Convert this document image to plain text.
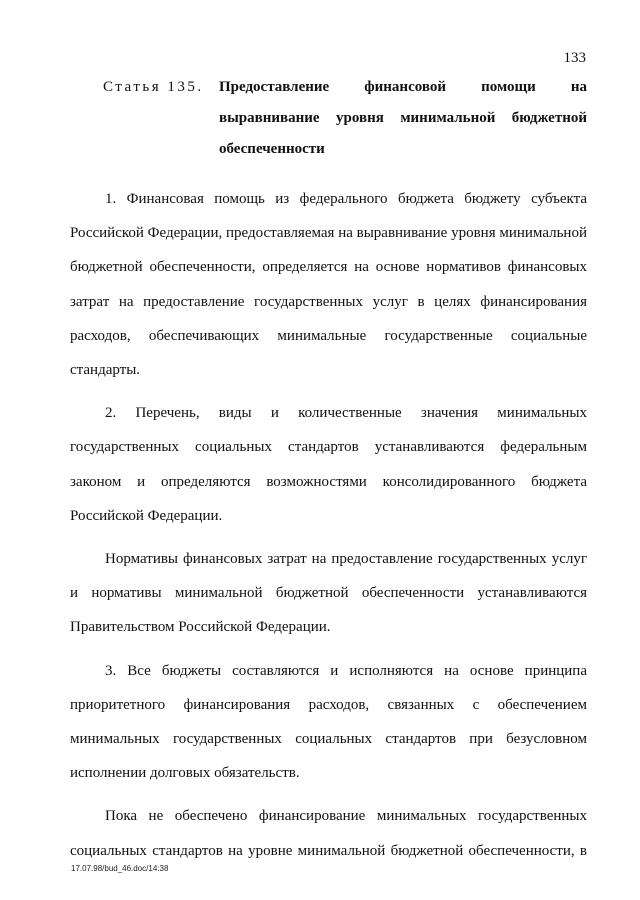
133
Статья 135.	Предоставление финансовой помощи на выравнивание уровня минимальной бюджетной обеспеченности

1. Финансовая помощь из федерального бюджета бюджету субъекта Российской Федерации, предоставляемая на выравнивание уровня минимальной бюджетной обеспеченности, определяется на основе нормативов финансовых затрат на предоставление государственных услуг в целях финансирования расходов, обеспечивающих минимальные государственные социальные стандарты.

2. Перечень, виды и количественные значения минимальных государственных социальных стандартов устанавливаются федеральным законом и определяются возможностями консолидированного бюджета Российской Федерации.

Нормативы финансовых затрат на предоставление государственных услуг и нормативы минимальной бюджетной обеспеченности устанавливаются Правительством Российской Федерации.

3. Все бюджеты составляются и исполняются на основе принципа приоритетного финансирования расходов, связанных с обеспечением минимальных государственных социальных стандартов при безусловном исполнении долговых обязательств.

Пока не обеспечено финансирование минимальных государственных социальных стандартов на уровне минимальной бюджетной обеспеченности, в

17.07.98/bud_46.doc/14:38
